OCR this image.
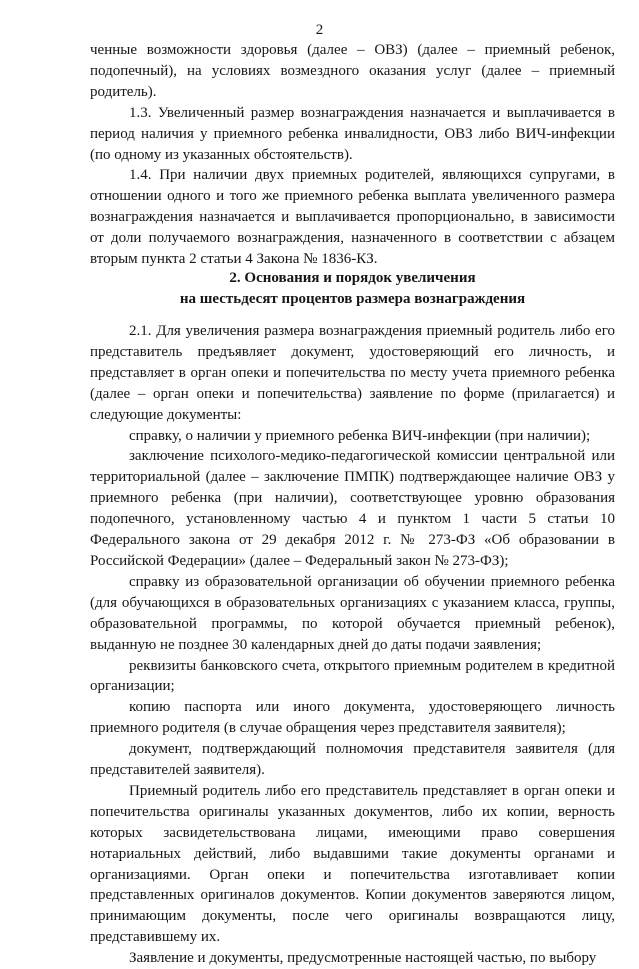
2

ченные возможности здоровья (далее – ОВЗ) (далее – приемный ребенок, подопечный), на условиях возмездного оказания услуг (далее – приемный родитель).

1.3. Увеличенный размер вознаграждения назначается и выплачивается в период наличия у приемного ребенка инвалидности, ОВЗ либо ВИЧ-инфекции (по одному из указанных обстоятельств).

1.4. При наличии двух приемных родителей, являющихся супругами, в отношении одного и того же приемного ребенка выплата увеличенного размера вознаграждения назначается и выплачивается пропорционально, в зависимости от доли получаемого вознаграждения, назначенного в соответствии с абзацем вторым пункта 2 статьи 4 Закона № 1836-КЗ.

2. Основания и порядок увеличения
на шестьдесят процентов размера вознаграждения

2.1. Для увеличения размера вознаграждения приемный родитель либо его представитель предъявляет документ, удостоверяющий его личность, и представляет в орган опеки и попечительства по месту учета приемного ребенка (далее – орган опеки и попечительства) заявление по форме (прилагается) и следующие документы:

справку, о наличии у приемного ребенка ВИЧ-инфекции (при наличии);

заключение психолого-медико-педагогической комиссии центральной или территориальной (далее – заключение ПМПК) подтверждающее наличие ОВЗ у приемного ребенка (при наличии), соответствующее уровню образования подопечного, установленному частью 4 и пунктом 1 части 5 статьи 10 Федерального закона от 29 декабря 2012 г. № 273-ФЗ «Об образовании в Российской Федерации» (далее – Федеральный закон № 273-ФЗ);

справку из образовательной организации об обучении приемного ребенка (для обучающихся в образовательных организациях с указанием класса, группы, образовательной программы, по которой обучается приемный ребенок), выданную не позднее 30 календарных дней до даты подачи заявления;

реквизиты банковского счета, открытого приемным родителем в кредитной организации;

копию паспорта или иного документа, удостоверяющего личность приемного родителя (в случае обращения через представителя заявителя);

документ, подтверждающий полномочия представителя заявителя (для представителей заявителя).

Приемный родитель либо его представитель представляет в орган опеки и попечительства оригиналы указанных документов, либо их копии, верность которых засвидетельствована лицами, имеющими право совершения нотариальных действий, либо выдавшими такие документы органами и организациями. Орган опеки и попечительства изготавливает копии представленных оригиналов документов. Копии документов заверяются лицом, принимающим документы, после чего оригиналы возвращаются лицу, представившему их.

Заявление и документы, предусмотренные настоящей частью, по выбору
